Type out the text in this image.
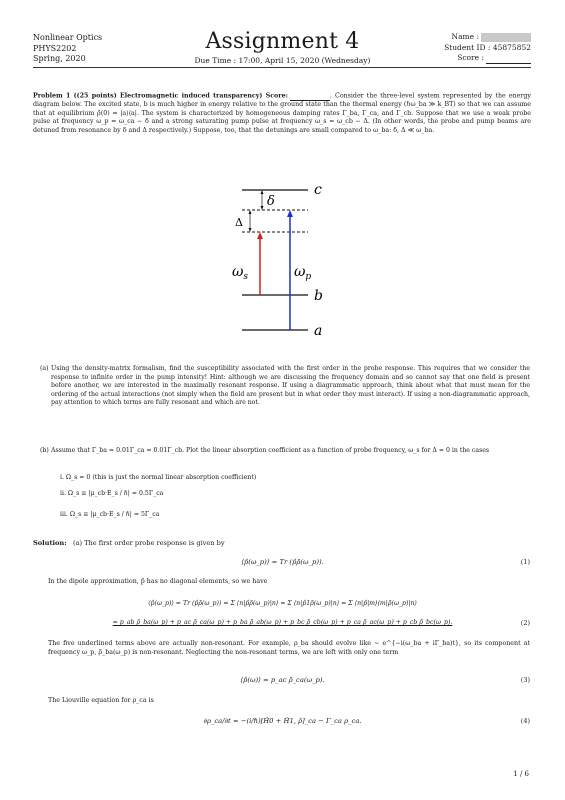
Nonlinear Optics
PHYS2202
Spring, 2020
Assignment 4
Due Time : 17:00, April 15, 2020 (Wednesday)
Name :
Student ID : 45875852
Score :
Problem 1 ((25 points) Electromagnetic induced transparency) Score:	. Consider the three-level system represented by the energy diagram below. The excited state, b is much higher in energy relative to the ground state than the thermal energy (ℏω_ba ≫ k_BT) so that we can assume that at equilibrium ρ̂(0) = |a⟩⟨a|. The system is characterized by homogeneous damping rates Γ_ba, Γ_ca, and Γ_cb. Suppose that we use a weak probe pulse at frequency ω_p = ω_ca − δ and a strong saturating pump pulse at frequency ω_s = ω_cb − Δ. (In other words, the probe and pump beams are detuned from resonance by δ and Δ respectively.) Suppose, too, that the detunings are small compared to ω_ba: δ, Δ ≪ ω_ba.
c
b
a
δ
Δ
$\omega_s$	$\omega_p$
(a) Using the density-matrix formalism, find the susceptibility associated with the first order in the probe response. This requires that we consider the response to infinite order in the pump intensity! Hint: although we are discussing the frequency domain and so cannot say that one field is present before another, we are interested in the maximally resonant response. If using a diagrammatic approach, think about what that must mean for the ordering of the actual interactions (not simply when the field are present but in what order they must interact). If using a non-diagrammatic approach, pay attention to which terms are fully resonant and which are not.
(b) Assume that Γ_ba = 0.01Γ_ca = 0.01Γ_cb. Plot the linear absorption coefficient as a function of probe frequency, ω_s for Δ = 0 in the cases
i. Ω_s = 0 (this is just the normal linear absorption coefficient)
ii. Ω_s ≡ |μ_cb·E_s / ℏ| = 0.5Γ_ca
iii. Ω_s ≡ |μ_cb·E_s / ℏ| = 5Γ_ca
Solution: (a) The first order probe response is given by
⟨p̂(ω_p)⟩ = Tr (p̂ρ̃(ω_p)).	(1)
In the dipole approximation, p̂ has no diagonal elements, so we have
⟨p̂(ω_p)⟩ = Tr (p̂ρ̃(ω_p)) = Σ ⟨n|p̂ρ̃(ω_p)|n⟩ = Σ ⟨n|p̂1ρ̃(ω_p)|n⟩ = Σ ⟨n|p̂|m⟩⟨m|ρ̃(ω_p)|n⟩
= p_ab ρ̃_ba(ω_p) + p_ac ρ̃_ca(ω_p) + p_ba ρ̃_ab(ω_p) + p_bc ρ̃_cb(ω_p) + p_ca ρ̃_ac(ω_p) + p_cb ρ̃_bc(ω_p).	(2)
The five underlined terms above are actually non-resonant. For example, ρ_ba should evolve like ~ e^{−i(ω_ba + iΓ_ba)t}, so its component at frequency ω_p, ρ̃_ba(ω_p) is non-resonant. Neglecting the non-resonant terms, we are left with only one term
⟨p̂(ω)⟩ = p_ac ρ̃_ca(ω_p).	(3)
The Liouville equation for ρ_ca is
∂ρ_ca/∂t = −(i/ℏ)[Ĥ0 + Ĥ1, ρ̂]_ca − Γ_ca ρ_ca.	(4)
1 / 6
